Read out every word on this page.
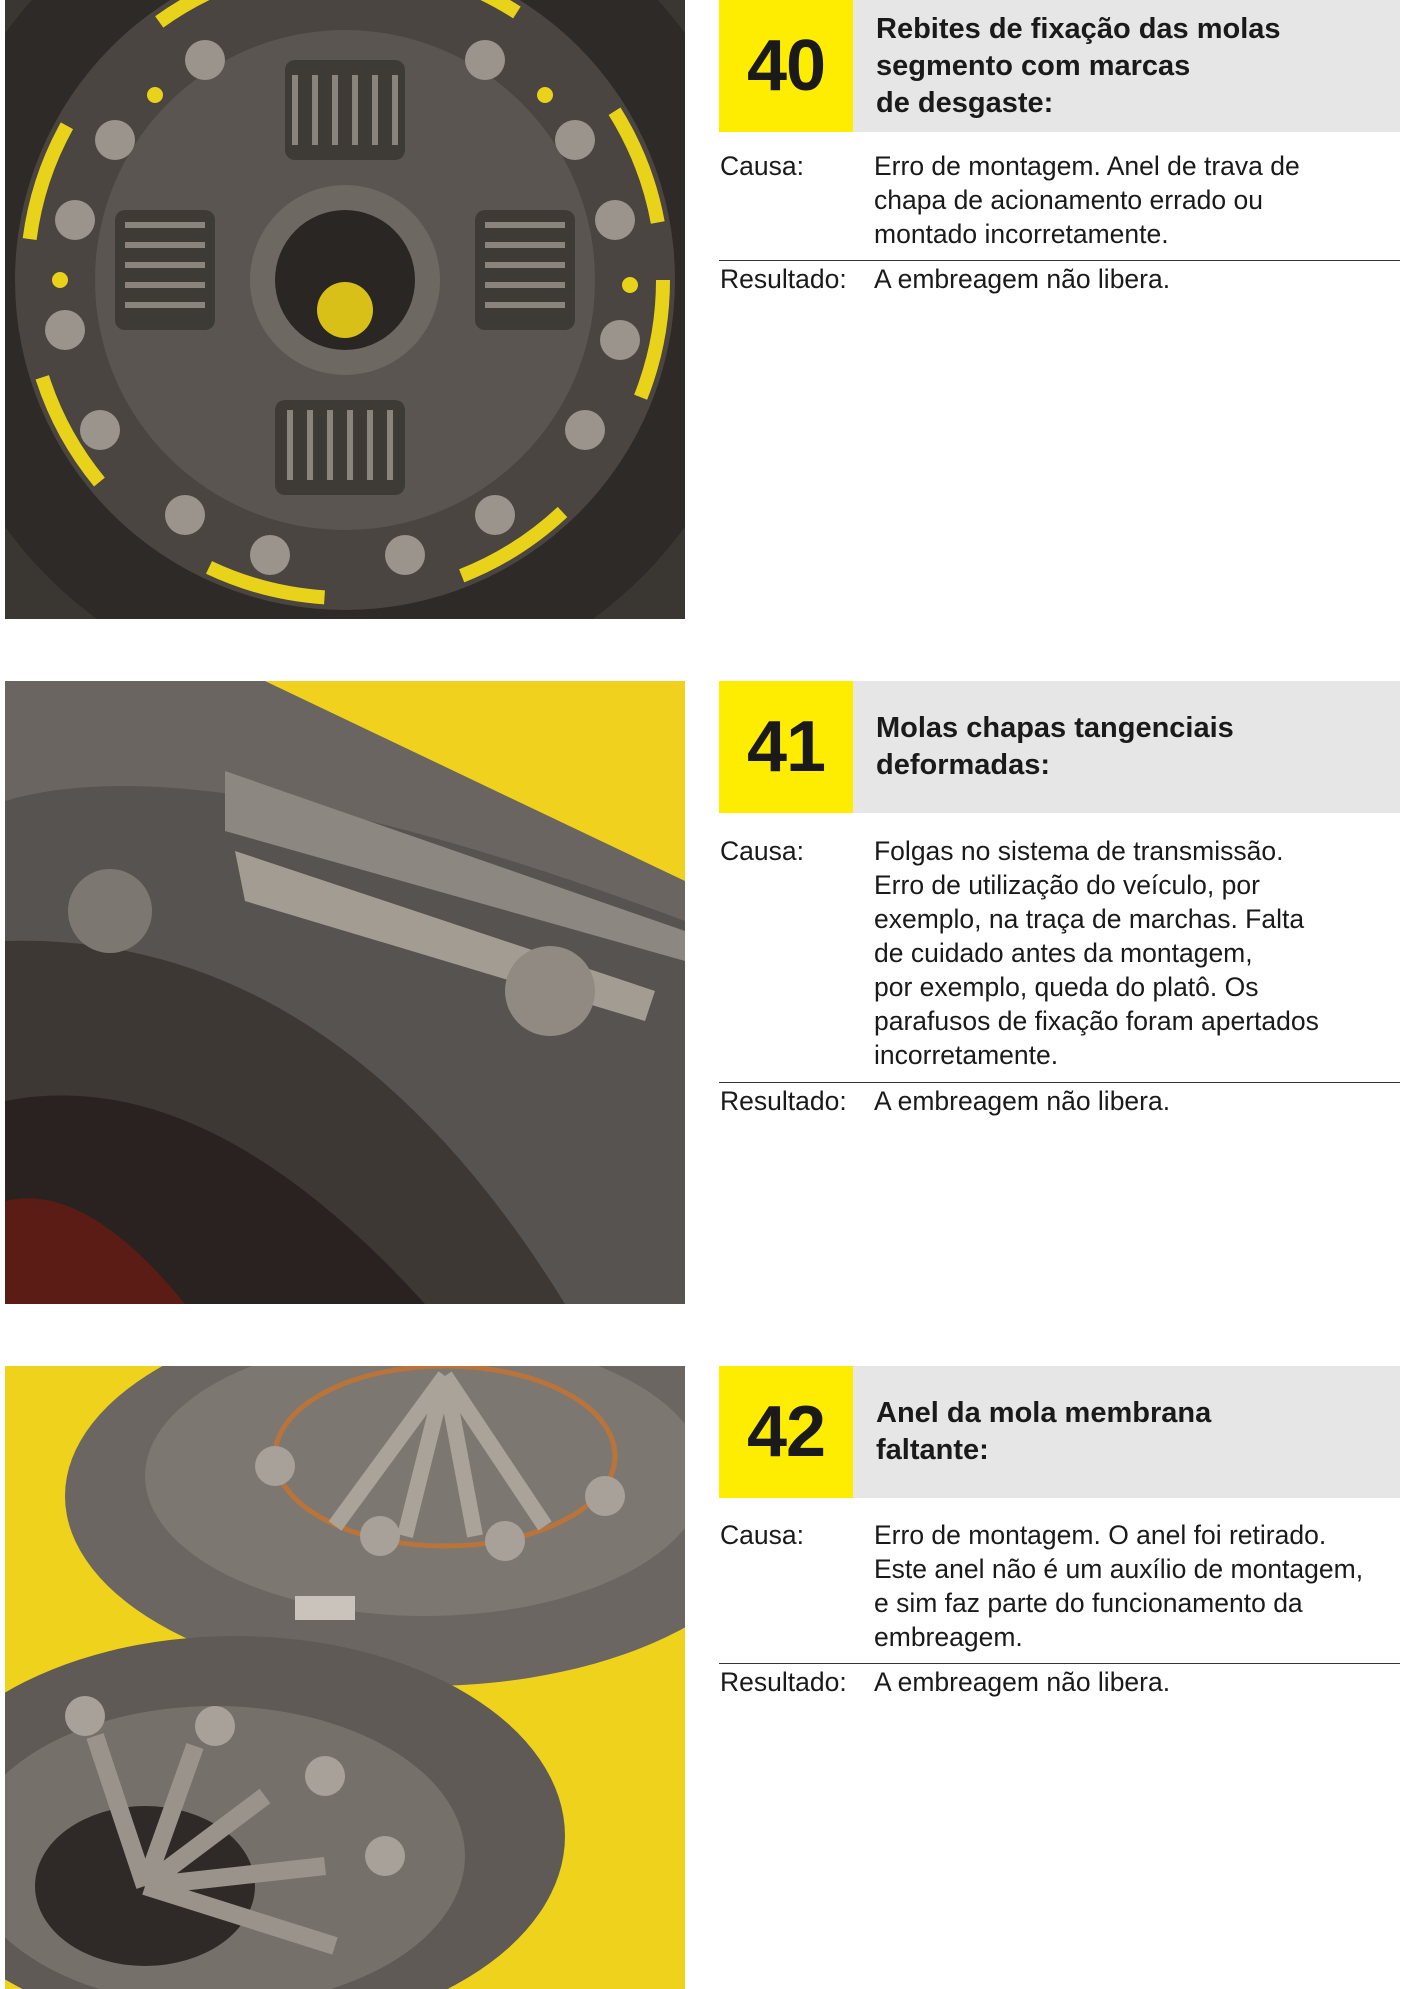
40	Rebites de fixação das molas
segmento com marcas
de desgaste:
Causa:	Erro de montagem. Anel de trava de
chapa de acionamento errado ou
montado incorretamente.
Resultado: A embreagem não libera.
41	Molas chapas tangenciais
deformadas:
Causa:	Folgas no sistema de transmissão.
Erro de utilização do veículo, por
exemplo, na traça de marchas. Falta
de cuidado antes da montagem,
por exemplo, queda do platô. Os
parafusos de fixação foram apertados
incorretamente.
Resultado: A embreagem não libera.
42	Anel da mola membrana
faltante:
Causa:	Erro de montagem. O anel foi retirado.
Este anel não é um auxílio de montagem,
e sim faz parte do funcionamento da
embreagem.
Resultado: A embreagem não libera.
